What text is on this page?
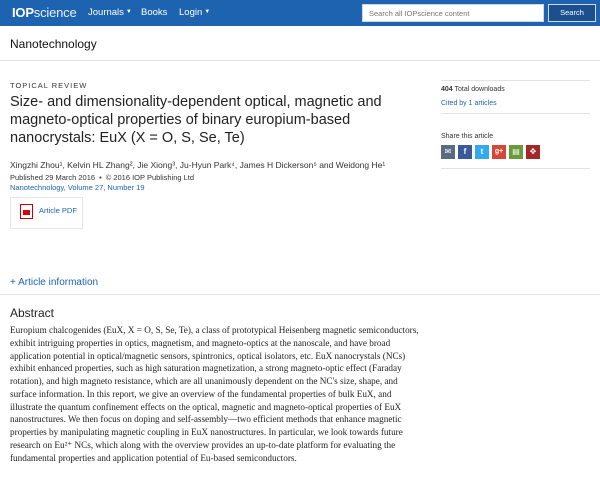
IOPscience Journals ▼ Books Login ▼
Search all IOPscience content	Search
Nanotechnology
TOPICAL REVIEW
Size- and dimensionality-dependent optical, magnetic and magneto-optical properties of binary europium-based nanocrystals: EuX (X = O, S, Se, Te)
Xingzhi Zhou¹, Kelvin HL Zhang², Jie Xiong³, Ju-Hyun Park⁴, James H Dickerson⁵ and Weidong He¹
Published 29 March 2016 • © 2016 IOP Publishing Ltd
Nanotechnology, Volume 27, Number 19
Article PDF
+ Article information
Abstract
Europium chalcogenides (EuX, X = O, S, Se, Te), a class of prototypical Heisenberg magnetic semiconductors, exhibit intriguing properties in optics, magnetism, and magneto-optics at the nanoscale, and have broad application potential in optical/magnetic sensors, spintronics, optical isolators, etc. EuX nanocrystals (NCs) exhibit enhanced properties, such as high saturation magnetization, a strong magneto-optic effect (Faraday rotation), and high magneto resistance, which are all unanimously dependent on the NC's size, shape, and surface information. In this report, we give an overview of the fundamental properties of bulk EuX, and illustrate the quantum confinement effects on the optical, magnetic and magneto-optical properties of EuX nanostructures. We then focus on doping and self-assembly—two efficient methods that enhance magnetic properties by manipulating magnetic coupling in EuX nanostructures. In particular, we look towards future research on Eu²⁺ NCs, which along with the overview provides an up-to-date platform for evaluating the fundamental properties and application potential of Eu-based semiconductors.
404 Total downloads
Cited by 1 articles
Share this article
✉	f	t	g+	▤	✥
